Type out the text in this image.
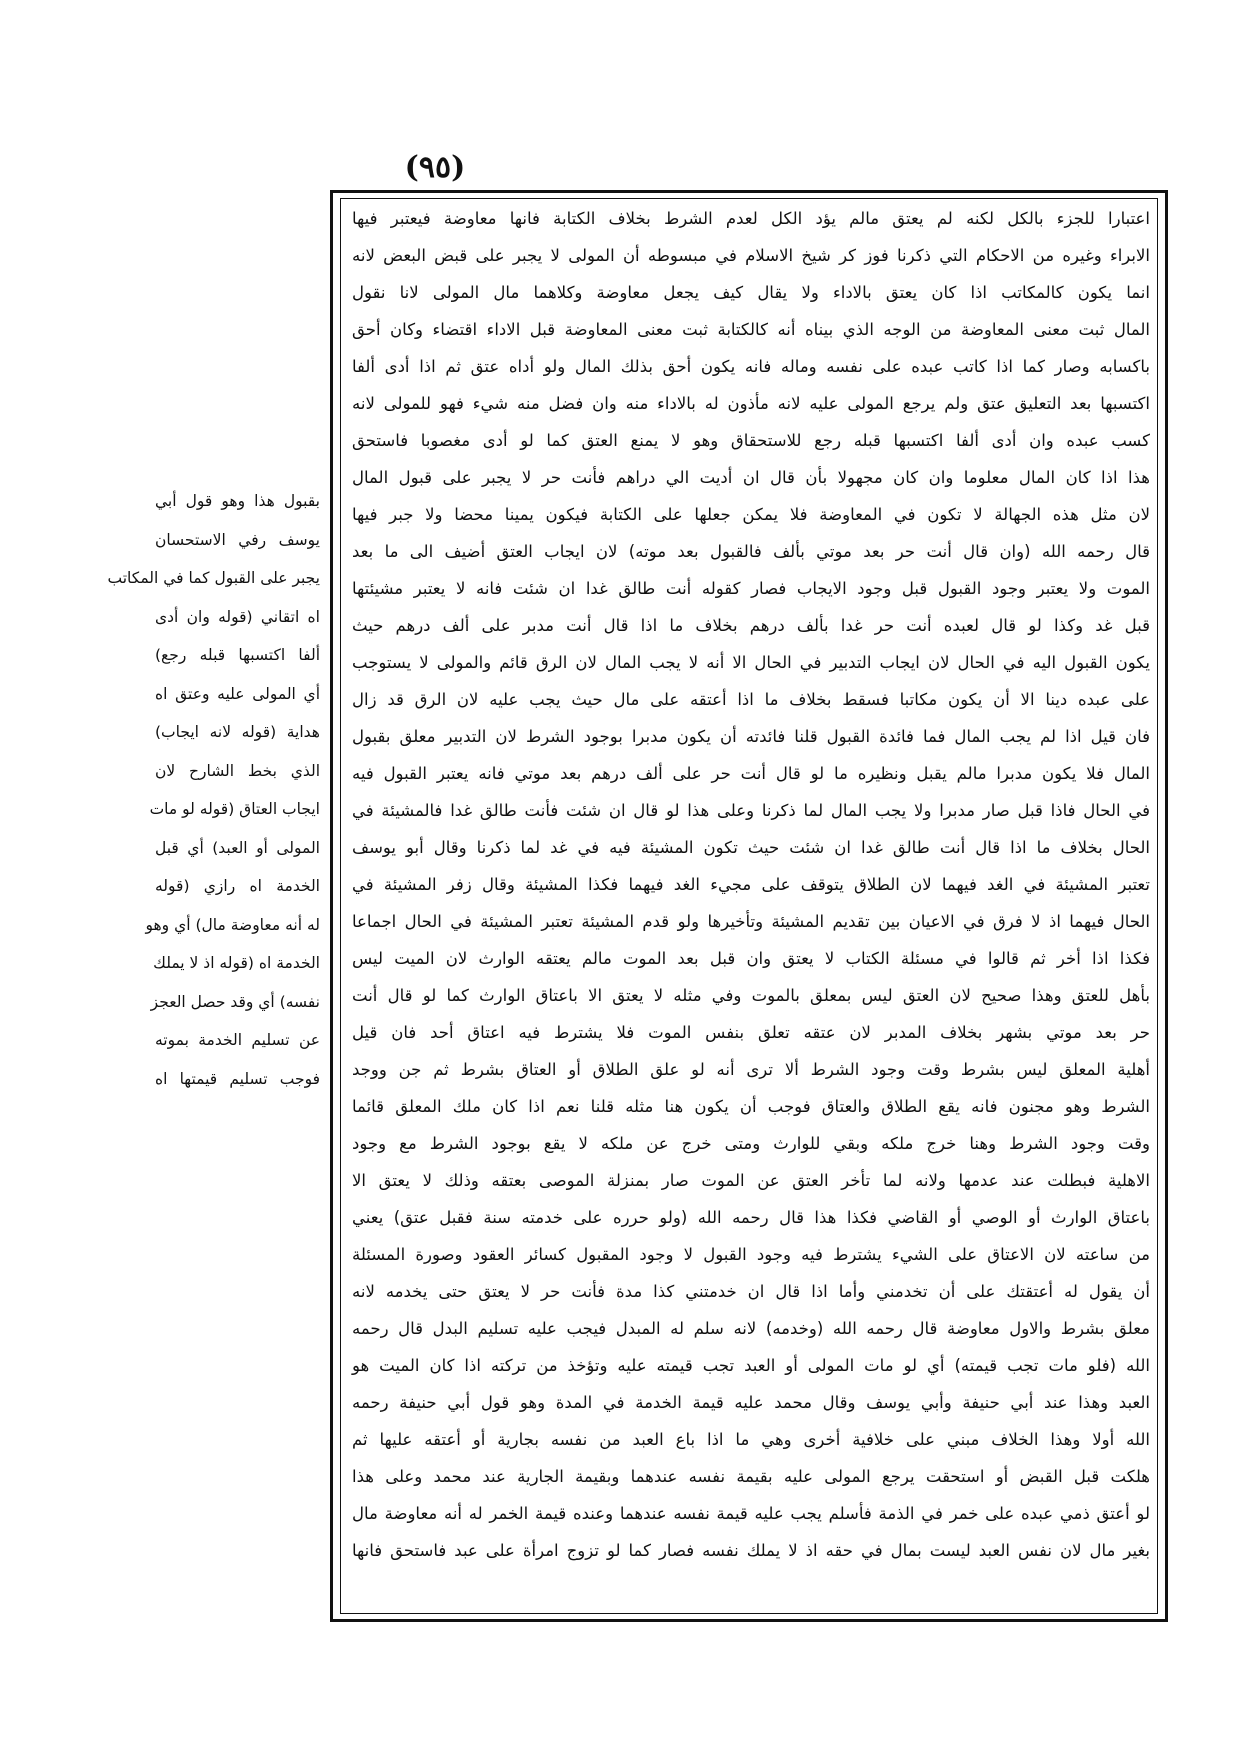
(٩٥)
اعتبارا للجزء بالكل لكنه لم يعتق مالم يؤد الكل لعدم الشرط بخلاف الكتابة فانها معاوضة فيعتبر فيها
الابراء وغيره من الاحكام التي ذكرنا فوز كر شيخ الاسلام في مبسوطه أن المولى لا يجبر على قبض البعض لانه
انما يكون كالمكاتب اذا كان يعتق بالاداء ولا يقال كيف يجعل معاوضة وكلاهما مال المولى لانا نقول
المال ثبت معنى المعاوضة من الوجه الذي بيناه أنه كالكتابة ثبت معنى المعاوضة قبل الاداء اقتضاء وكان أحق
باكسابه وصار كما اذا كاتب عبده على نفسه وماله فانه يكون أحق بذلك المال ولو أداه عتق ثم اذا أدى ألفا
اكتسبها بعد التعليق عتق ولم يرجع المولى عليه لانه مأذون له بالاداء منه وان فضل منه شيء فهو للمولى لانه
كسب عبده وان أدى ألفا اكتسبها قبله رجع للاستحقاق وهو لا يمنع العتق كما لو أدى مغصوبا فاستحق
هذا اذا كان المال معلوما وان كان مجهولا بأن قال ان أديت الي دراهم فأنت حر لا يجبر على قبول المال
لان مثل هذه الجهالة لا تكون في المعاوضة فلا يمكن جعلها على الكتابة فيكون يمينا محضا ولا جبر فيها
قال رحمه الله (وان قال أنت حر بعد موتي بألف فالقبول بعد موته) لان ايجاب العتق أضيف الى ما بعد
الموت ولا يعتبر وجود القبول قبل وجود الايجاب فصار كقوله أنت طالق غدا ان شئت فانه لا يعتبر مشيئتها
قبل غد وكذا لو قال لعبده أنت حر غدا بألف درهم بخلاف ما اذا قال أنت مدبر على ألف درهم حيث
يكون القبول اليه في الحال لان ايجاب التدبير في الحال الا أنه لا يجب المال لان الرق قائم والمولى لا يستوجب
على عبده دينا الا أن يكون مكاتبا فسقط بخلاف ما اذا أعتقه على مال حيث يجب عليه لان الرق قد زال
فان قيل اذا لم يجب المال فما فائدة القبول قلنا فائدته أن يكون مدبرا بوجود الشرط لان التدبير معلق بقبول
المال فلا يكون مدبرا مالم يقبل ونظيره ما لو قال أنت حر على ألف درهم بعد موتي فانه يعتبر القبول فيه
في الحال فاذا قبل صار مدبرا ولا يجب المال لما ذكرنا وعلى هذا لو قال ان شئت فأنت طالق غدا فالمشيئة في
الحال بخلاف ما اذا قال أنت طالق غدا ان شئت حيث تكون المشيئة فيه في غد لما ذكرنا وقال أبو يوسف
تعتبر المشيئة في الغد فيهما لان الطلاق يتوقف على مجيء الغد فيهما فكذا المشيئة وقال زفر المشيئة في
الحال فيهما اذ لا فرق في الاعيان بين تقديم المشيئة وتأخيرها ولو قدم المشيئة تعتبر المشيئة في الحال اجماعا
فكذا اذا أخر ثم قالوا في مسئلة الكتاب لا يعتق وان قبل بعد الموت مالم يعتقه الوارث لان الميت ليس
بأهل للعتق وهذا صحيح لان العتق ليس بمعلق بالموت وفي مثله لا يعتق الا باعتاق الوارث كما لو قال أنت
حر بعد موتي بشهر بخلاف المدبر لان عتقه تعلق بنفس الموت فلا يشترط فيه اعتاق أحد فان قيل
أهلية المعلق ليس بشرط وقت وجود الشرط ألا ترى أنه لو علق الطلاق أو العتاق بشرط ثم جن ووجد
الشرط وهو مجنون فانه يقع الطلاق والعتاق فوجب أن يكون هنا مثله قلنا نعم اذا كان ملك المعلق قائما
وقت وجود الشرط وهنا خرج ملكه وبقي للوارث ومتى خرج عن ملكه لا يقع بوجود الشرط مع وجود
الاهلية فبطلت عند عدمها ولانه لما تأخر العتق عن الموت صار بمنزلة الموصى بعتقه وذلك لا يعتق الا
باعتاق الوارث أو الوصي أو القاضي فكذا هذا قال رحمه الله (ولو حرره على خدمته سنة فقبل عتق) يعني
من ساعته لان الاعتاق على الشيء يشترط فيه وجود القبول لا وجود المقبول كسائر العقود وصورة المسئلة
أن يقول له أعتقتك على أن تخدمني وأما اذا قال ان خدمتني كذا مدة فأنت حر لا يعتق حتى يخدمه لانه
معلق بشرط والاول معاوضة قال رحمه الله (وخدمه) لانه سلم له المبدل فيجب عليه تسليم البدل قال رحمه
الله (فلو مات تجب قيمته) أي لو مات المولى أو العبد تجب قيمته عليه وتؤخذ من تركته اذا كان الميت هو
العبد وهذا عند أبي حنيفة وأبي يوسف وقال محمد عليه قيمة الخدمة في المدة وهو قول أبي حنيفة رحمه
الله أولا وهذا الخلاف مبني على خلافية أخرى وهي ما اذا باع العبد من نفسه بجارية أو أعتقه عليها ثم
هلكت قبل القبض أو استحقت يرجع المولى عليه بقيمة نفسه عندهما وبقيمة الجارية عند محمد وعلى هذا
لو أعتق ذمي عبده على خمر في الذمة فأسلم يجب عليه قيمة نفسه عندهما وعنده قيمة الخمر له أنه معاوضة مال
بغير مال لان نفس العبد ليست بمال في حقه اذ لا يملك نفسه فصار كما لو تزوج امرأة على عبد فاستحق فانها
بقبول هذا وهو قول أبي
يوسف رفي الاستحسان
يجبر على القبول كما في المكاتب
اه اتقاني (قوله وان أدى
ألفا اكتسبها قبله رجع)
أي المولى عليه وعتق اه
هداية (قوله لانه ايجاب)
الذي بخط الشارح لان
ايجاب العتاق (قوله لو مات
المولى أو العبد) أي قبل
الخدمة اه رازي (قوله
له أنه معاوضة مال) أي وهو
الخدمة اه (قوله اذ لا يملك
نفسه) أي وقد حصل العجز
عن تسليم الخدمة بموته
فوجب تسليم قيمتها اه
